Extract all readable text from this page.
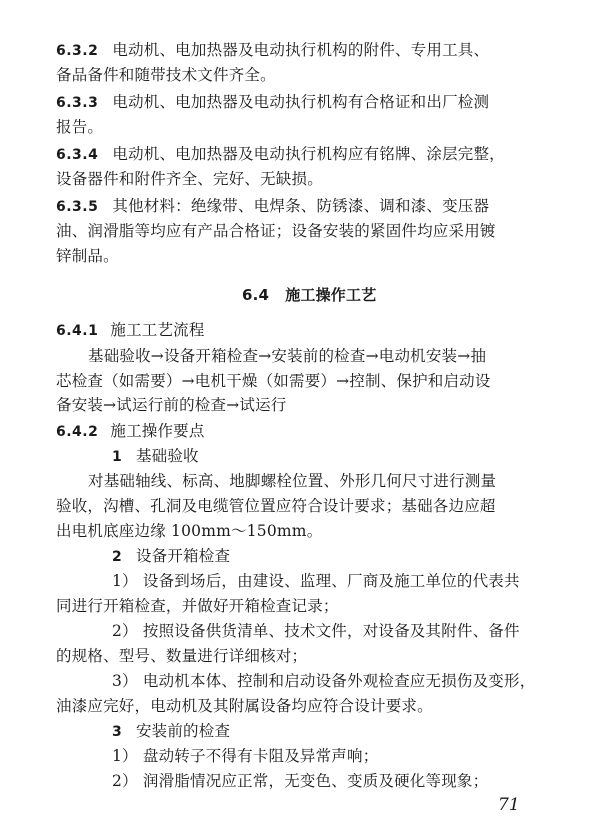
6.3.2 电动机、电加热器及电动执行机构的附件、专用工具、
备品备件和随带技术文件齐全。
6.3.3 电动机、电加热器及电动执行机构有合格证和出厂检测
报告。
6.3.4 电动机、电加热器及电动执行机构应有铭牌、涂层完整，
设备器件和附件齐全、完好、无缺损。
6.3.5 其他材料：绝缘带、电焊条、防锈漆、调和漆、变压器
油、润滑脂等均应有产品合格证；设备安装的紧固件均应采用镀
锌制品。
6.4 施工操作工艺
6.4.1 施工工艺流程
基础验收→设备开箱检查→安装前的检查→电动机安装→抽
芯检查（如需要）→电机干燥（如需要）→控制、保护和启动设
备安装→试运行前的检查→试运行
6.4.2 施工操作要点
1 基础验收
对基础轴线、标高、地脚螺栓位置、外形几何尺寸进行测量
验收，沟槽、孔洞及电缆管位置应符合设计要求；基础各边应超
出电机底座边缘 100mm～150mm。
2 设备开箱检查
1） 设备到场后，由建设、监理、厂商及施工单位的代表共
同进行开箱检查，并做好开箱检查记录；
2） 按照设备供货清单、技术文件，对设备及其附件、备件
的规格、型号、数量进行详细核对；
3） 电动机本体、控制和启动设备外观检查应无损伤及变形，
油漆应完好，电动机及其附属设备均应符合设计要求。
3 安装前的检查
1） 盘动转子不得有卡阻及异常声响；
2） 润滑脂情况应正常，无变色、变质及硬化等现象；
71
